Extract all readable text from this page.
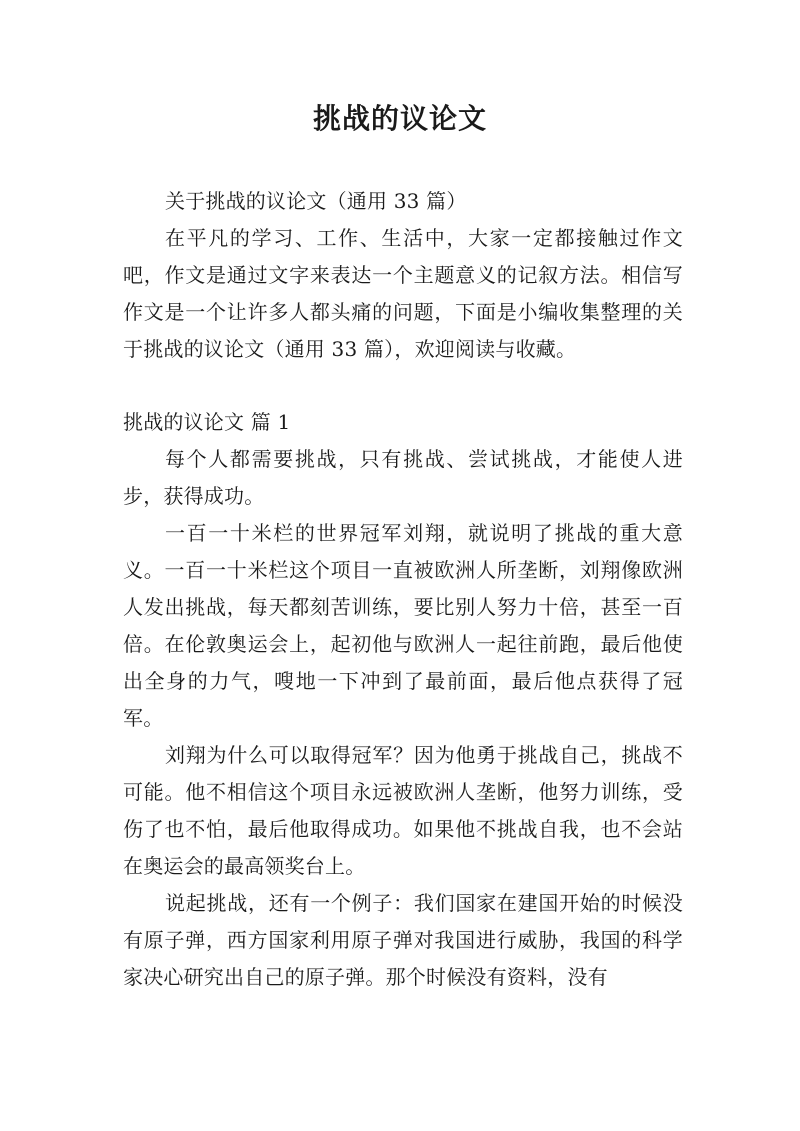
挑战的议论文

关于挑战的议论文（通用 33 篇）

在平凡的学习、工作、生活中，大家一定都接触过作文吧，作文是通过文字来表达一个主题意义的记叙方法。相信写作文是一个让许多人都头痛的问题，下面是小编收集整理的关于挑战的议论文（通用 33 篇），欢迎阅读与收藏。

挑战的议论文 篇 1

每个人都需要挑战，只有挑战、尝试挑战，才能使人进步，获得成功。

一百一十米栏的世界冠军刘翔，就说明了挑战的重大意义。一百一十米栏这个项目一直被欧洲人所垄断，刘翔像欧洲人发出挑战，每天都刻苦训练，要比别人努力十倍，甚至一百倍。在伦敦奥运会上，起初他与欧洲人一起往前跑，最后他使出全身的力气，嗖地一下冲到了最前面，最后他点获得了冠军。

刘翔为什么可以取得冠军？因为他勇于挑战自己，挑战不可能。他不相信这个项目永远被欧洲人垄断，他努力训练，受伤了也不怕，最后他取得成功。如果他不挑战自我，也不会站在奥运会的最高领奖台上。

说起挑战，还有一个例子：我们国家在建国开始的时候没有原子弹，西方国家利用原子弹对我国进行威胁，我国的科学家决心研究出自己的原子弹。那个时候没有资料，没有
